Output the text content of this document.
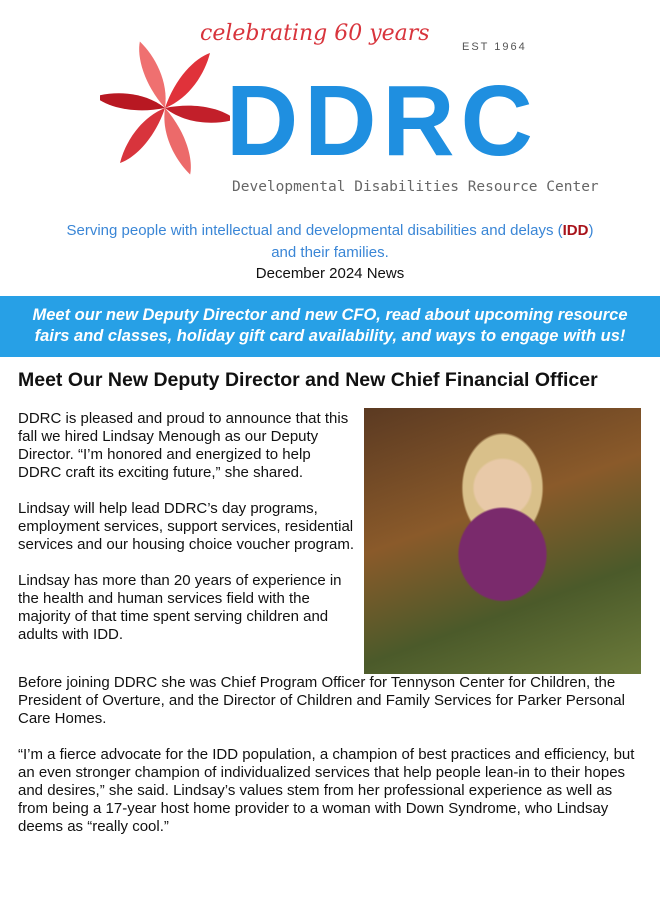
celebrating 60 years
EST 1964
DDRC
Developmental Disabilities Resource Center
Serving people with intellectual and developmental disabilities and delays (IDD)
and their families.
December 2024 News
Meet our new Deputy Director and new CFO, read about upcoming resource fairs and classes, holiday gift card availability, and ways to engage with us!
Meet Our New Deputy Director and New Chief Financial Officer

DDRC is pleased and proud to announce that this fall we hired Lindsay Menough as our Deputy Director. “I’m honored and energized to help DDRC craft its exciting future,” she shared.

Lindsay will help lead DDRC’s day programs, employment services, support services, residential services and our housing choice voucher program.

Lindsay has more than 20 years of experience in the health and human services field with the majority of that time spent serving children and adults with IDD.

Before joining DDRC she was Chief Program Officer for Tennyson Center for Children, the President of Overture, and the Director of Children and Family Services for Parker Personal Care Homes.

“I’m a fierce advocate for the IDD population, a champion of best practices and efficiency, but an even stronger champion of individualized services that help people lean-in to their hopes and desires,” she said. Lindsay’s values stem from her professional experience as well as from being a 17-year host home provider to a woman with Down Syndrome, who Lindsay deems as “really cool.”
